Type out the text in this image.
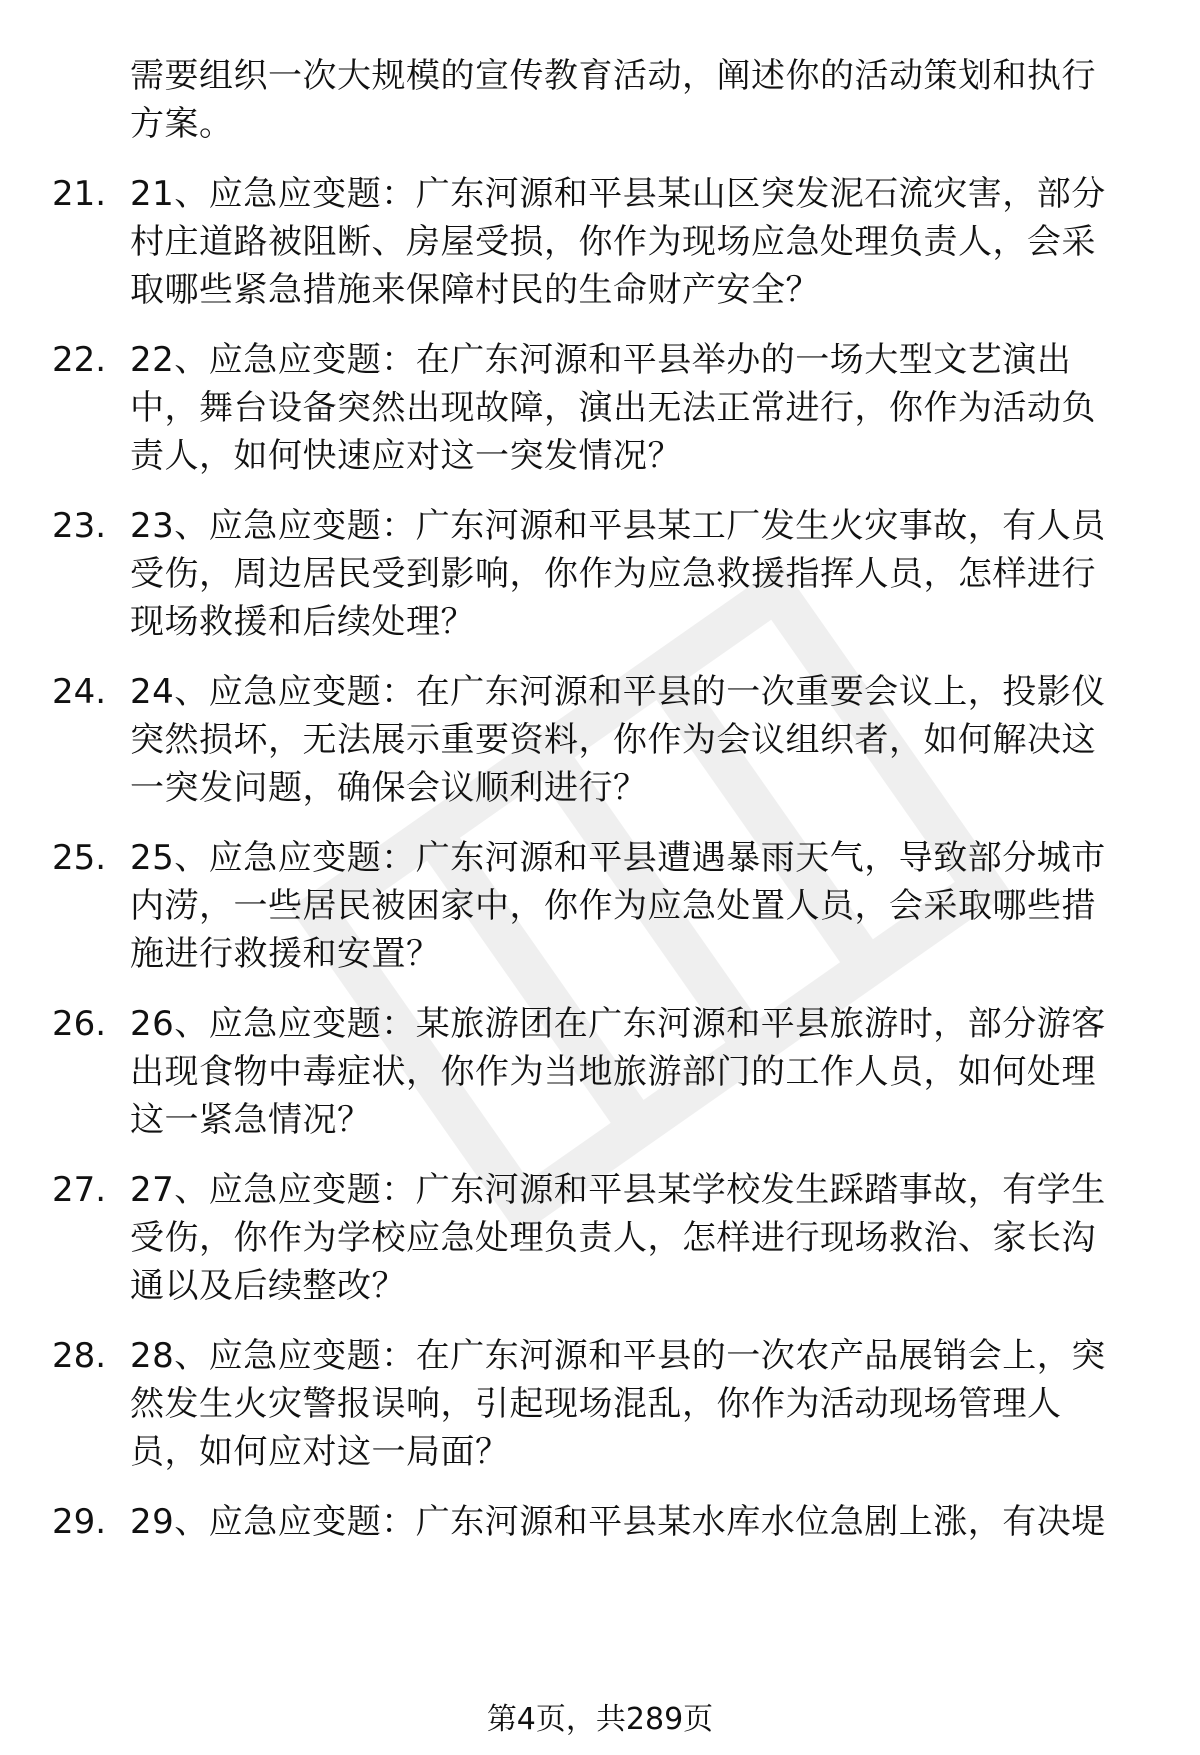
需要组织一次大规模的宣传教育活动，阐述你的活动策划和执行
方案。
21. 21、应急应变题：广东河源和平县某山区突发泥石流灾害，部分
村庄道路被阻断、房屋受损，你作为现场应急处理负责人，会采
取哪些紧急措施来保障村民的生命财产安全？
22. 22、应急应变题：在广东河源和平县举办的一场大型文艺演出
中，舞台设备突然出现故障，演出无法正常进行，你作为活动负
责人，如何快速应对这一突发情况？
23. 23、应急应变题：广东河源和平县某工厂发生火灾事故，有人员
受伤，周边居民受到影响，你作为应急救援指挥人员，怎样进行
现场救援和后续处理？
24. 24、应急应变题：在广东河源和平县的一次重要会议上，投影仪
突然损坏，无法展示重要资料，你作为会议组织者，如何解决这
一突发问题，确保会议顺利进行？
25. 25、应急应变题：广东河源和平县遭遇暴雨天气，导致部分城市
内涝，一些居民被困家中，你作为应急处置人员，会采取哪些措
施进行救援和安置？
26. 26、应急应变题：某旅游团在广东河源和平县旅游时，部分游客
出现食物中毒症状，你作为当地旅游部门的工作人员，如何处理
这一紧急情况？
27. 27、应急应变题：广东河源和平县某学校发生踩踏事故，有学生
受伤，你作为学校应急处理负责人，怎样进行现场救治、家长沟
通以及后续整改？
28. 28、应急应变题：在广东河源和平县的一次农产品展销会上，突
然发生火灾警报误响，引起现场混乱，你作为活动现场管理人
员，如何应对这一局面？
29. 29、应急应变题：广东河源和平县某水库水位急剧上涨，有决堤
第4页，共289页
